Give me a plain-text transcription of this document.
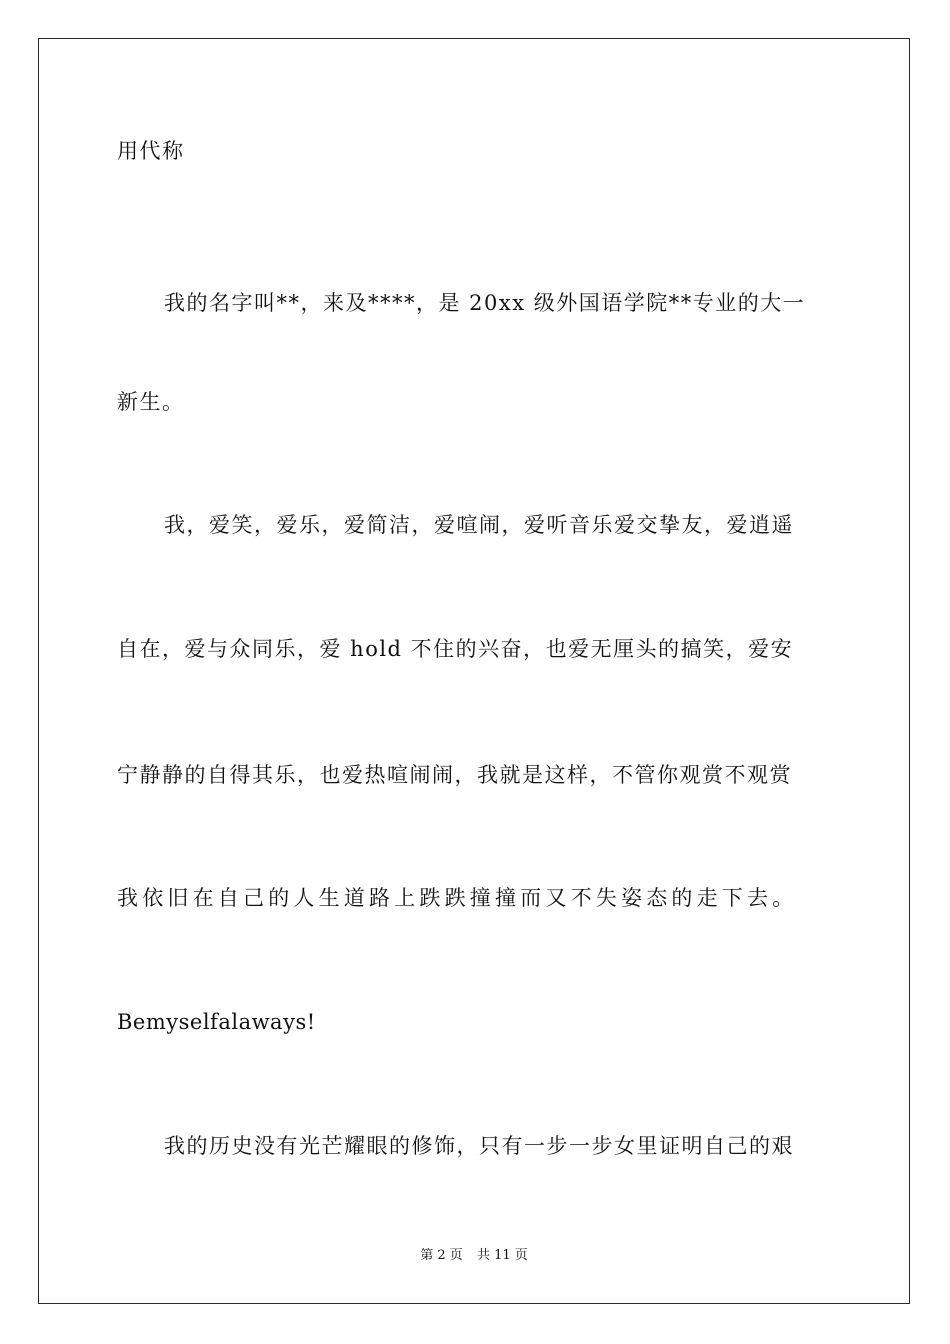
用代称
我的名字叫**，来及****，是 20xx 级外国语学院**专业的大一
新生。
我，爱笑，爱乐，爱简洁，爱喧闹，爱听音乐爱交挚友，爱逍遥
自在，爱与众同乐，爱 hold 不住的兴奋，也爱无厘头的搞笑，爱安
宁静静的自得其乐，也爱热喧闹闹，我就是这样，不管你观赏不观赏
我依旧在自己的人生道路上跌跌撞撞而又不失姿态的走下去。
Bemyselfalaways!
我的历史没有光芒耀眼的修饰，只有一步一步女里证明自己的艰
第 2 页 共 11 页
